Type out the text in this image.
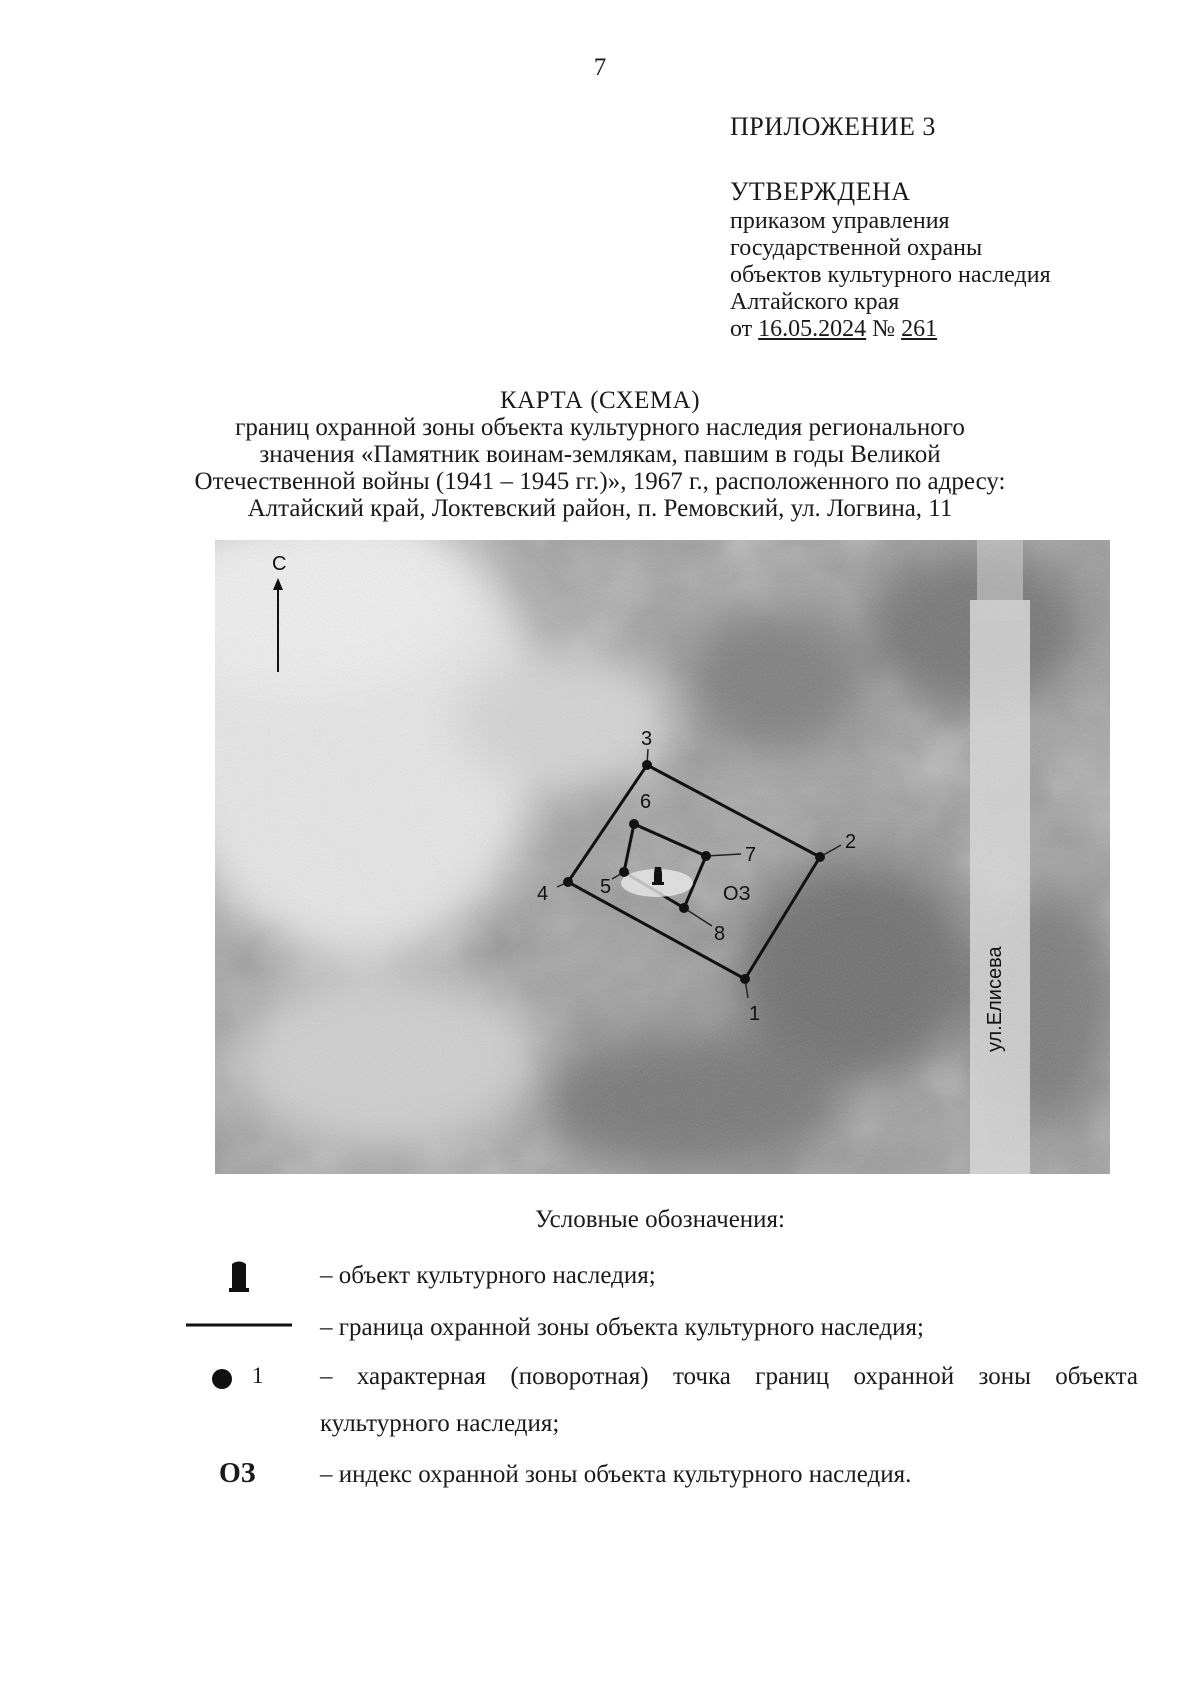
7
ПРИЛОЖЕНИЕ 3
УТВЕРЖДЕНА
приказом управления
государственной охраны
объектов культурного наследия
Алтайского края
от 16.05.2024 № 261
КАРТА (СХЕМА)
границ охранной зоны объекта культурного наследия регионального
значения «Памятник воинам-землякам, павшим в годы Великой
Отечественной войны (1941 – 1945 гг.)», 1967 г., расположенного по адресу:
Алтайский край, Локтевский район, п. Ремовский, ул. Логвина, 11
С
ул.Елисева
1
2
3
4	5
6
7
8
ОЗ
Условные обозначения:
– объект культурного наследия;
– граница охранной зоны объекта культурного наследия;
1 – характерная (поворотная) точка границ охранной зоны объекта
культурного наследия;
ОЗ	– индекс охранной зоны объекта культурного наследия.
